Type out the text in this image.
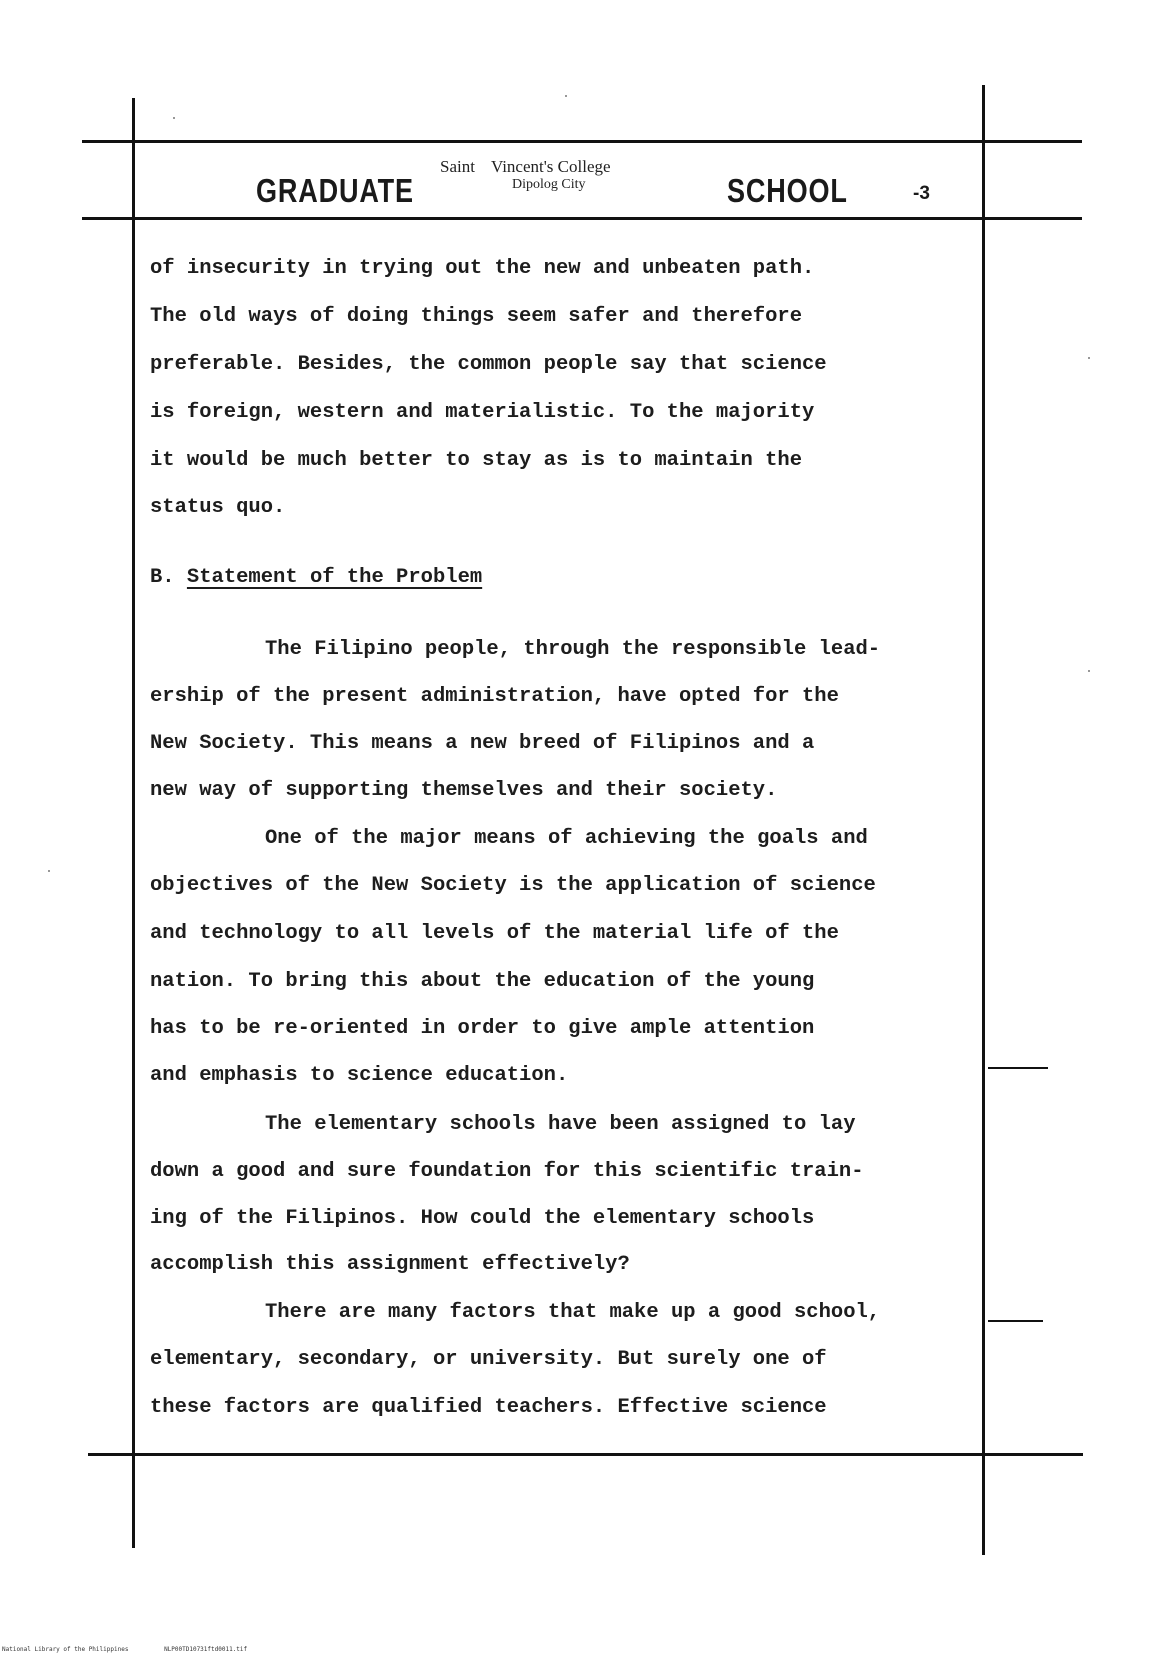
GRADUATE
Saint Vincent's College
Dipolog City	SCHOOL	-3
of insecurity in trying out the new and unbeaten path.
The old ways of doing things seem safer and therefore
preferable. Besides, the common people say that science
is foreign, western and materialistic. To the majority
it would be much better to stay as is to maintain the
status quo.
B. Statement of the Problem
The Filipino people, through the responsible lead-
ership of the present administration, have opted for the
New Society. This means a new breed of Filipinos and a
new way of supporting themselves and their society.
One of the major means of achieving the goals and
objectives of the New Society is the application of science
and technology to all levels of the material life of the
nation. To bring this about the education of the young
has to be re-oriented in order to give ample attention
and emphasis to science education.
The elementary schools have been assigned to lay
down a good and sure foundation for this scientific train-
ing of the Filipinos. How could the elementary schools
accomplish this assignment effectively?
There are many factors that make up a good school,
elementary, secondary, or university. But surely one of
these factors are qualified teachers. Effective science
National Library of the Philippines	NLP00TD10731ftd0011.tif
